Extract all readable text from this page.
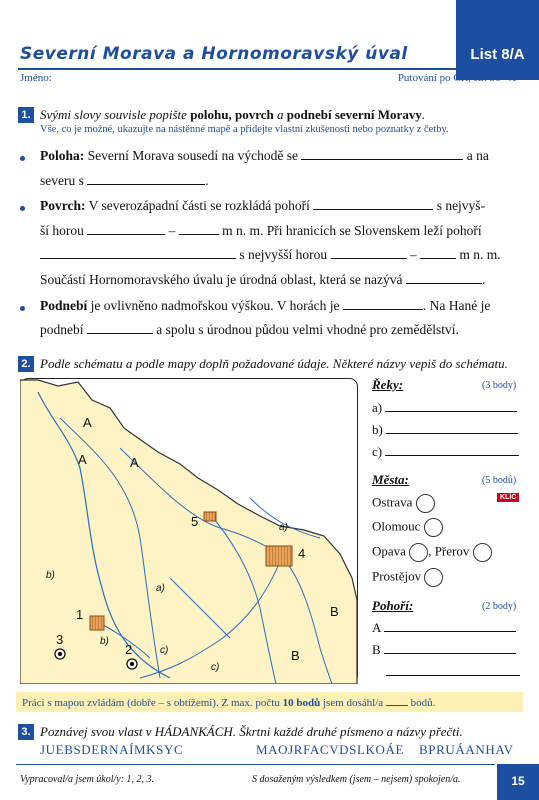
Severní Morava a Hornomoravský úval	List 8/A
Jméno:	Putování po ČR, str. 36–41
1. Svými slovy souvisle popište polohu, povrch a podnebí severní Moravy.
Vše, co je možné, ukazujte na nástěnné mapě a přidejte vlastní zkušenosti nebo poznatky z četby.
Poloha: Severní Morava sousedí na východě se	a na
severu s	.
Povrch: V severozápadní části se rozkládá pohoří	s nejvyš-
ší horou	–	m n. m. Při hranicích se Slovenskem leží pohoří
s nejvyšší horou	–	m n. m.
Součástí Hornomoravského úvalu je úrodná oblast, která se nazývá	.
Podnebí je ovlivněno nadmořskou výškou. V horách je	. Na Hané je
podnebí	a spolu s úrodnou půdou velmi vhodné pro zemědělství.
2. Podle schématu a podle mapy doplň požadované údaje. Některé názvy vepiš do schématu.
A
A	A
5
4
1
3
2
B
B
a)
a)
b)
b)
c)
c)
Řeky:	(3 body)
a)
b)
c)
Města:	(5 bodů)
KLÍČ
Ostrava
Olomouc
Opava , Přerov
Prostějov
Pohoří:	(2 body)
A
B
Práci s mapou zvládám (dobře – s obtížemi). Z max. počtu 10 bodů jsem dosáhl/a  bodů.
3. Poznávej svou vlast v HÁDANKÁCH. Škrtni každé druhé písmeno a názvy přečti.
JUEBSDERNAÍMKSYC	MAOJRFACVDSLKOÁE BPRUÁANHAV
Vypracoval/a jsem úkol/y: 1, 2, 3.	S dosaženým výsledkem (jsem – nejsem) spokojen/a.	15
